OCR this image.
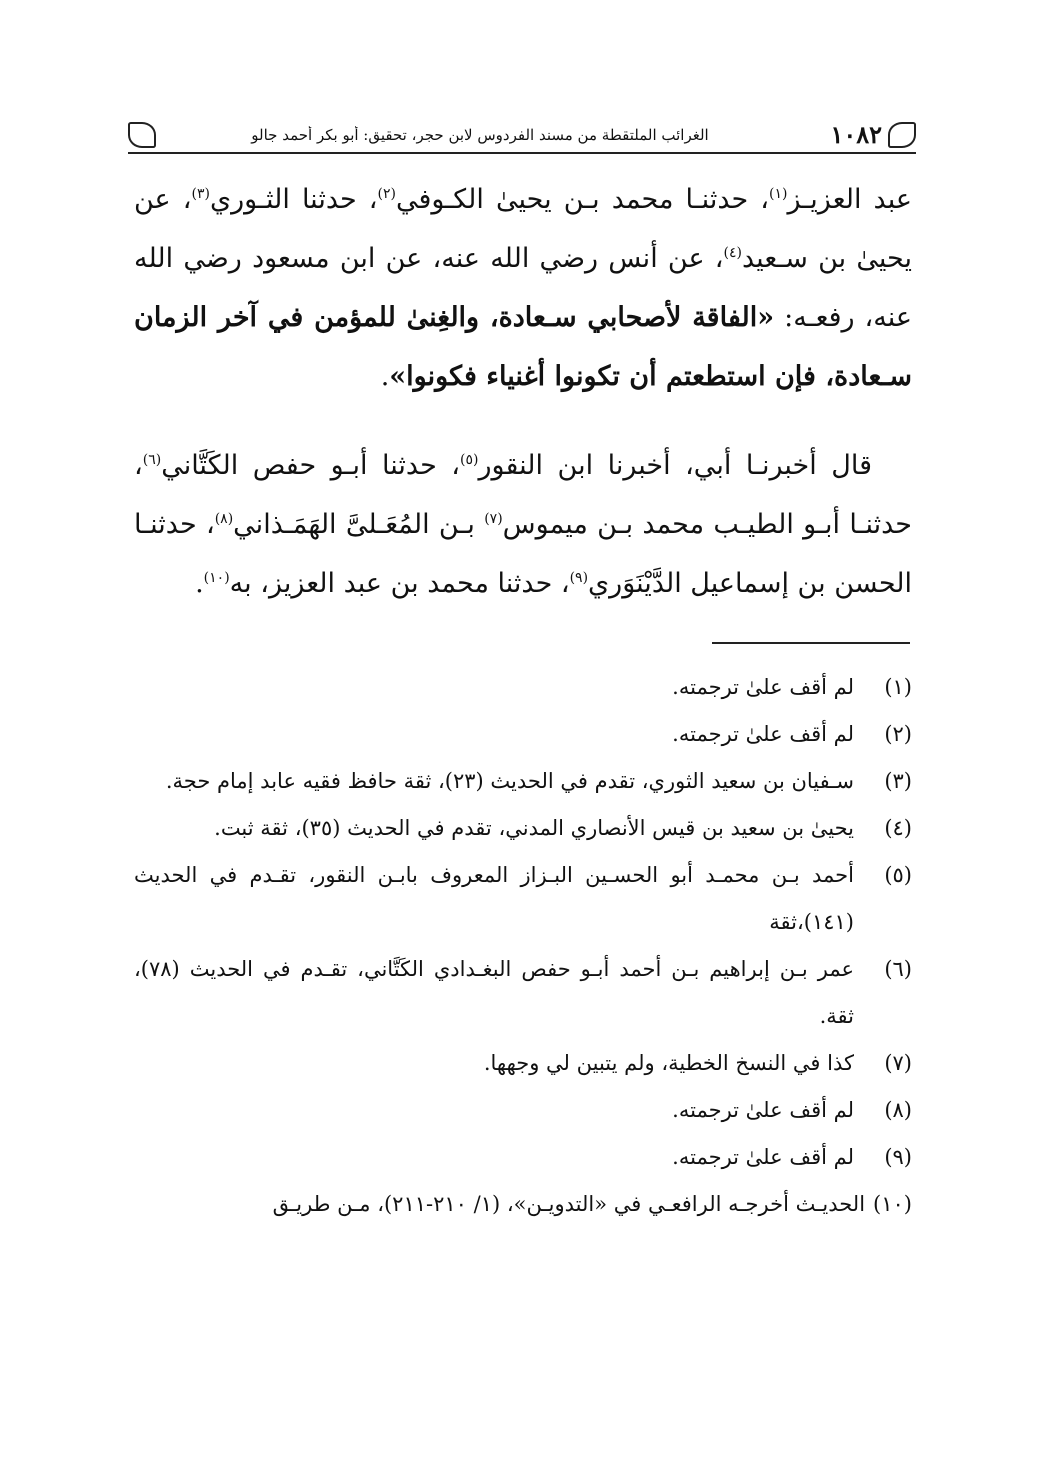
١٠٨٢
الغرائب الملتقطة من مسند الفردوس لابن حجر، تحقيق: أبو بكر أحمد جالو

عبد العزيـز$^{(١)}$، حدثنـا محمد بـن يحيىٰ الكـوفي$^{(٢)}$، حدثنا الثـوري$^{(٣)}$، عن يحيىٰ بن سـعيد$^{(٤)}$، عن أنس رضي الله عنه، عن ابن مسعود رضي الله عنه، رفعـه: «الفاقة لأصحابي سـعادة، والغِنىٰ للمؤمن في آخر الزمان سـعادة، فإن استطعتم أن تكونوا أغنياء فكونوا».

قال أخبرنـا أبي، أخبرنا ابن النقور$^{(٥)}$، حدثنا أبـو حفص الكَتَّاني$^{(٦)}$، حدثنـا أبـو الطيـب محمد بـن ميموس$^{(٧)}$ بـن المُعَـلىَّ الهَمَـذاني$^{(٨)}$، حدثنـا الحسن بن إسماعيل الدَّيْنَوَري$^{(٩)}$، حدثنا محمد بن عبد العزيز، به$^{(١٠)}$.

(١)
لم أقف علىٰ ترجمته.
(٢)
لم أقف علىٰ ترجمته.
(٣)
سـفيان بن سعيد الثوري، تقدم في الحديث (٢٣)، ثقة حافظ فقيه عابد إمام حجة.
(٤)
يحيىٰ بن سعيد بن قيس الأنصاري المدني، تقدم في الحديث (٣٥)، ثقة ثبت.
(٥)
أحمد بـن محمـد أبو الحسـين البـزاز المعروف بابـن النقور، تقـدم في الحديث (١٤١)،ثقة
(٦)
عمر بـن إبراهيم بـن أحمد أبـو حفص البغـدادي الكَتَّاني، تقـدم في الحديث (٧٨)، ثقة.
(٧)
كذا في النسخ الخطية، ولم يتبين لي وجهها.
(٨)
لم أقف علىٰ ترجمته.
(٩)
لم أقف علىٰ ترجمته.
(١٠)
الحديـث أخرجـه الرافعـي في «التدويـن»، (١/ ٢١٠-٢١١)، مـن طريـق
